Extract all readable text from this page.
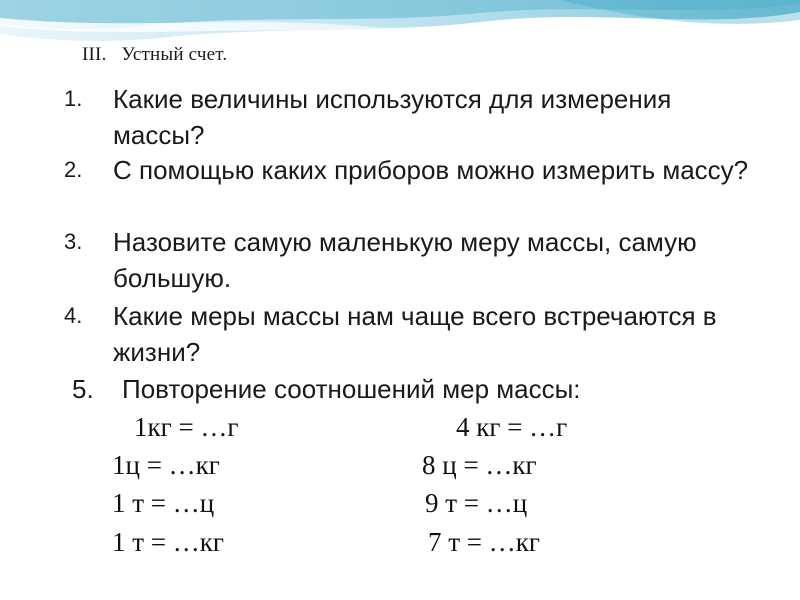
III. Устный счет.
1. Какие величины используются для измерения массы?
2. С помощью каких приборов можно измерить массу?
3. Назовите самую маленькую меру массы, самую большую.
4. Какие меры массы нам чаще всего встречаются в жизни?
5. Повторение соотношений мер массы:
1кг = …г
1ц = …кг
1 т = …ц
1 т = …кг
4 кг = …г
8 ц = …кг
9 т = …ц
7 т = …кг
